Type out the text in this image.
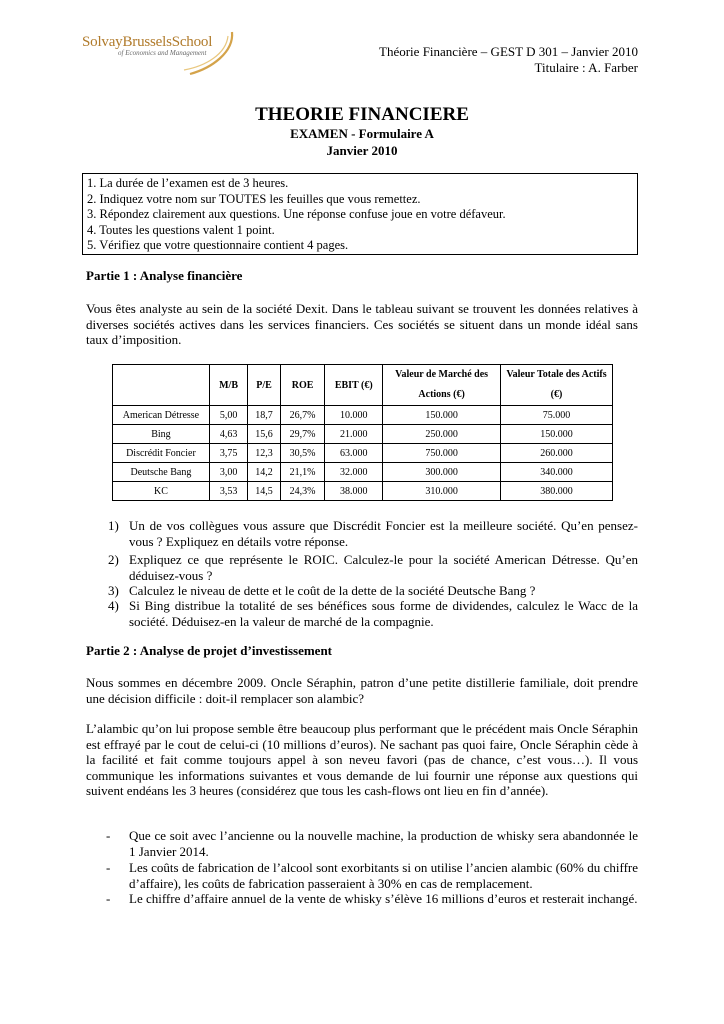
SolvayBrusselsSchool
of Economics and Management	Théorie Financière – GEST D 301 – Janvier 2010
Titulaire : A. Farber
THEORIE FINANCIERE
EXAMEN - Formulaire A
Janvier 2010
1. La durée de l’examen est de 3 heures.
2. Indiquez votre nom sur TOUTES les feuilles que vous remettez.
3. Répondez clairement aux questions. Une réponse confuse joue en votre défaveur.
4. Toutes les questions valent 1 point.
5. Vérifiez que votre questionnaire contient 4 pages.
Partie 1 : Analyse financière
Vous êtes analyste au sein de la société Dexit. Dans le tableau suivant se trouvent les données relatives à diverses sociétés actives dans les services financiers. Ces sociétés se situent dans un monde idéal sans taux d’imposition.
	M/B	P/E	ROE	EBIT (€)	Valeur de Marché des Actions (€)	Valeur Totale des Actifs (€)
American Détresse	5,00	18,7	26,7%	10.000	150.000	75.000
Bing	4,63	15,6	29,7%	21.000	250.000	150.000
Discrédit Foncier	3,75	12,3	30,5%	63.000	750.000	260.000
Deutsche Bang	3,00	14,2	21,1%	32.000	300.000	340.000
KC	3,53	14,5	24,3%	38.000	310.000	380.000
1) Un de vos collègues vous assure que Discrédit Foncier est la meilleure société. Qu’en pensez-vous ? Expliquez en détails votre réponse.
2) Expliquez ce que représente le ROIC. Calculez-le pour la société American Détresse. Qu’en déduisez-vous ?
3) Calculez le niveau de dette et le coût de la dette de la société Deutsche Bang ?
4) Si Bing distribue la totalité de ses bénéfices sous forme de dividendes, calculez le Wacc de la société. Déduisez-en la valeur de marché de la compagnie.
Partie 2 : Analyse de projet d’investissement
Nous sommes en décembre 2009. Oncle Séraphin, patron d’une petite distillerie familiale, doit prendre une décision difficile : doit-il remplacer son alambic?
L’alambic qu’on lui propose semble être beaucoup plus performant que le précédent mais Oncle Séraphin est effrayé par le cout de celui-ci (10 millions d’euros). Ne sachant pas quoi faire, Oncle Séraphin cède à la facilité et fait comme toujours appel à son neveu favori (pas de chance, c’est vous…). Il vous communique les informations suivantes et vous demande de lui fournir une réponse aux questions qui suivent endéans les 3 heures (considérez que tous les cash-flows ont lieu en fin d’année).
- Que ce soit avec l’ancienne ou la nouvelle machine, la production de whisky sera abandonnée le 1 Janvier 2014.
- Les coûts de fabrication de l’alcool sont exorbitants si on utilise l’ancien alambic (60% du chiffre d’affaire), les coûts de fabrication passeraient à 30% en cas de remplacement.
- Le chiffre d’affaire annuel de la vente de whisky s’élève 16 millions d’euros et resterait inchangé.
